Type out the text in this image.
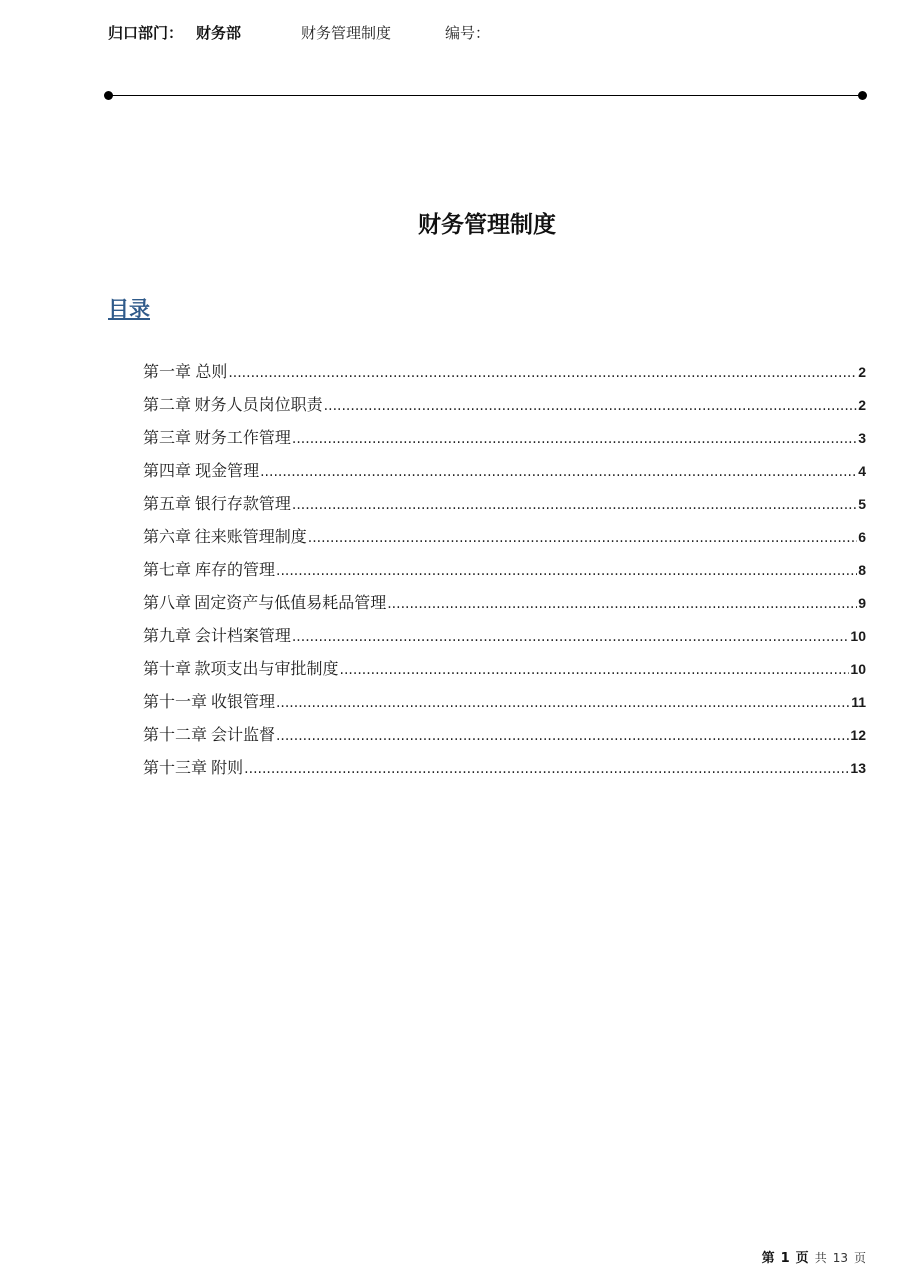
归口部门： 财务部	财务管理制度	编号：
财务管理制度
目录
第一章 总则 .....	2
第二章 财务人员岗位职责 .....	2
第三章 财务工作管理 .....	3
第四章 现金管理 .....	4
第五章 银行存款管理 .....	5
第六章 往来账管理制度 .....	6
第七章 库存的管理 .....	8
第八章 固定资产与低值易耗品管理 .....	9
第九章 会计档案管理 .....	10
第十章 款项支出与审批制度 .....	10
第十一章 收银管理 .....	11
第十二章 会计监督 .....	12
第十三章 附则 .....	13
第 1 页 共 13 页
